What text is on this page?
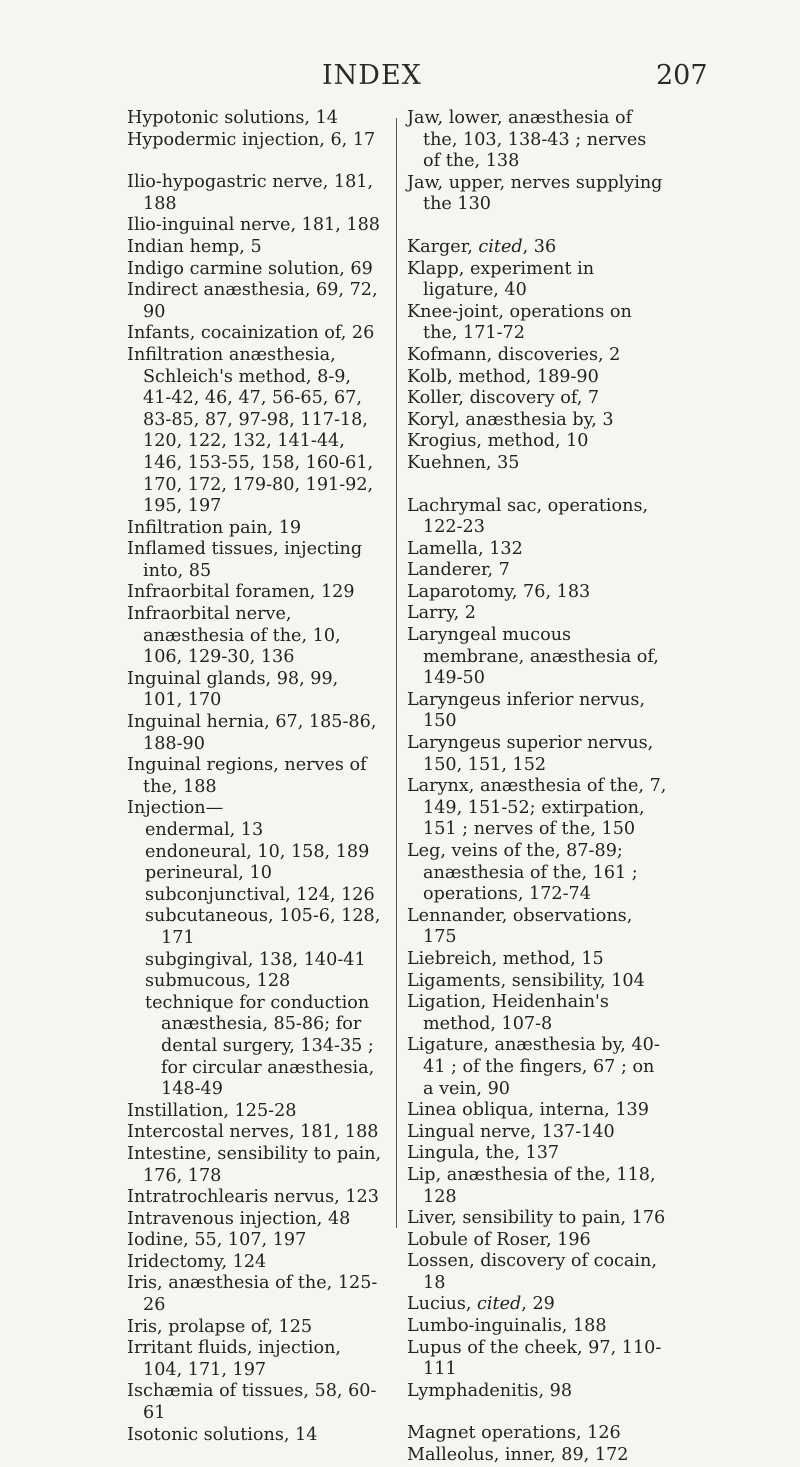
INDEX	207
Hypotonic solutions, 14
Hypodermic injection, 6, 17
Ilio-hypogastric nerve, 181, 188
Ilio-inguinal nerve, 181, 188
Indian hemp, 5
Indigo carmine solution, 69
Indirect anæsthesia, 69, 72, 90
Infants, cocainization of, 26
Infiltration anæsthesia, Schleich's method, 8-9, 41-42, 46, 47, 56-65, 67, 83-85, 87, 97-98, 117-18, 120, 122, 132, 141-44, 146, 153-55, 158, 160-61, 170, 172, 179-80, 191-92, 195, 197
Infiltration pain, 19
Inflamed tissues, injecting into, 85
Infraorbital foramen, 129
Infraorbital nerve, anæsthesia of the, 10, 106, 129-30, 136
Inguinal glands, 98, 99, 101, 170
Inguinal hernia, 67, 185-86, 188-90
Inguinal regions, nerves of the, 188
Injection—
endermal, 13
endoneural, 10, 158, 189
perineural, 10
subconjunctival, 124, 126
subcutaneous, 105-6, 128, 171
subgingival, 138, 140-41
submucous, 128
technique for conduction anæsthesia, 85-86; for dental surgery, 134-35 ; for circular anæsthesia, 148-49
Instillation, 125-28
Intercostal nerves, 181, 188
Intestine, sensibility to pain, 176, 178
Intratrochlearis nervus, 123
Intravenous injection, 48
Iodine, 55, 107, 197
Iridectomy, 124
Iris, anæsthesia of the, 125-26
Iris, prolapse of, 125
Irritant fluids, injection, 104, 171, 197
Ischæmia of tissues, 58, 60-61
Isotonic solutions, 14
Jaw, lower, anæsthesia of the, 103, 138-43 ; nerves of the, 138
Jaw, upper, nerves supplying the 130
Karger, cited, 36
Klapp, experiment in ligature, 40
Knee-joint, operations on the, 171-72
Kofmann, discoveries, 2
Kolb, method, 189-90
Koller, discovery of, 7
Koryl, anæsthesia by, 3
Krogius, method, 10
Kuehnen, 35
Lachrymal sac, operations, 122-23
Lamella, 132
Landerer, 7
Laparotomy, 76, 183
Larry, 2
Laryngeal mucous membrane, anæsthesia of, 149-50
Laryngeus inferior nervus, 150
Laryngeus superior nervus, 150, 151, 152
Larynx, anæsthesia of the, 7, 149, 151-52; extirpation, 151 ; nerves of the, 150
Leg, veins of the, 87-89; anæsthesia of the, 161 ; operations, 172-74
Lennander, observations, 175
Liebreich, method, 15
Ligaments, sensibility, 104
Ligation, Heidenhain's method, 107-8
Ligature, anæsthesia by, 40-41 ; of the fingers, 67 ; on a vein, 90
Linea obliqua, interna, 139
Lingual nerve, 137-140
Lingula, the, 137
Lip, anæsthesia of the, 118, 128
Liver, sensibility to pain, 176
Lobule of Roser, 196
Lossen, discovery of cocain, 18
Lucius, cited, 29
Lumbo-inguinalis, 188
Lupus of the cheek, 97, 110-111
Lymphadenitis, 98
Magnet operations, 126
Malleolus, inner, 89, 172
